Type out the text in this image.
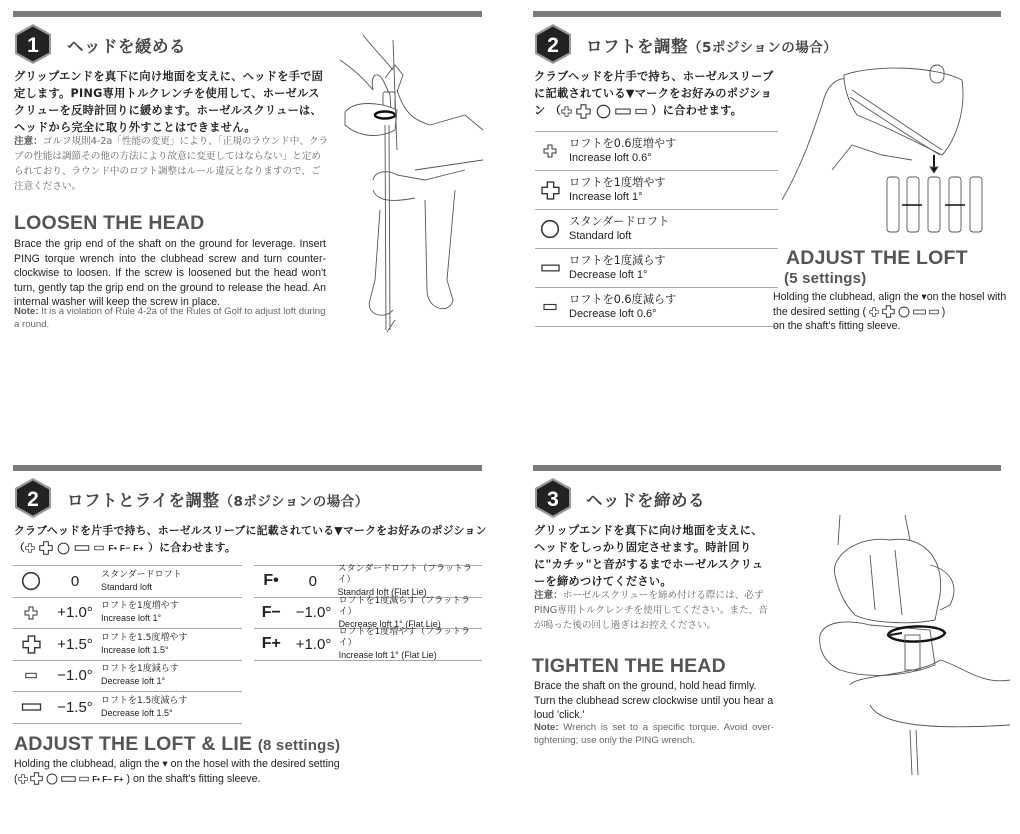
1 ヘッドを緩める
グリップエンドを真下に向け地面を支えに、ヘッドを手で固定します。PING専用トルクレンチを使用して、ホーゼルスクリューを反時計回りに緩めます。ホーゼルスクリューは、ヘッドから完全に取り外すことはできません。
注意：ゴルフ規則4-2a「性能の変更」により、「正規のラウンド中、クラブの性能は調節その他の方法により故意に変更してはならない」と定められており、ラウンド中のロフト調整はルール違反となりますので、ご注意ください。
LOOSEN THE HEAD
Brace the grip end of the shaft on the ground for leverage. Insert PING torque wrench into the clubhead screw and turn counter-clockwise to loosen. If the screw is loosened but the head won't turn, gently tap the grip end on the ground to release the head. An internal washer will keep the screw in place.
Note: It is a violation of Rule 4-2a of the Rules of Golf to adjust loft during a round.
2 ロフトを調整（5ポジションの場合）
クラブヘッドを片手で持ち、ホーゼルスリーブに記載されている▼マークをお好みのポジション （	）に合わせます。
ロフトを0.6度増やす
Increase loft 0.6°
ロフトを1度増やす
Increase loft 1°
スタンダードロフト
Standard loft
ロフトを1度減らす
Decrease loft 1°
ロフトを0.6度減らす
Decrease loft 0.6°
ADJUST THE LOFT
(5 settings)
Holding the clubhead, align the ▾on the hosel with the desired setting (	)
on the shaft's fitting sleeve.
2 ロフトとライを調整（8ポジションの場合）
クラブヘッドを片手で持ち、ホーゼルスリーブに記載されている▼マークをお好みのポジション
（	F• F− F+ ）に合わせます。
0	スタンダードロフト
Standard loft
+1.0° ロフトを1度増やす
Increase loft 1°
+1.5° ロフトを1.5度増やす
Increase loft 1.5°
−1.0° ロフトを1度減らす
Decrease loft 1°
−1.5° ロフトを1.5度減らす
Decrease loft 1.5°
F•	0
スタンダードロフト（フラットライ）
Standard loft (Flat Lie)
F− −1.0°
ロフトを1度減らす（フラットライ）
Decrease loft 1° (Flat Lie)
F+ +1.0°
ロフトを1度増やす（フラットライ）
Increase loft 1° (Flat Lie)
ADJUST THE LOFT & LIE (8 settings)
Holding the clubhead, align the ▾ on the hosel with the desired setting
(	F• F− F+ ) on the shaft's fitting sleeve.
3 ヘッドを締める
グリップエンドを真下に向け地面を支えに、ヘッドをしっかり固定させます。時計回りに"カチッ"と音がするまでホーゼルスクリューを締めつけてください。
注意：ホーゼルスクリューを締め付ける際には、必ずPING専用トルクレンチを使用してください。また、音が鳴った後の回し過ぎはお控えください。
TIGHTEN THE HEAD
Brace the shaft on the ground, hold head firmly. Turn the clubhead screw clockwise until you hear a loud 'click.'
Note: Wrench is set to a specific torque. Avoid over-tightening; use only the PING wrench.
